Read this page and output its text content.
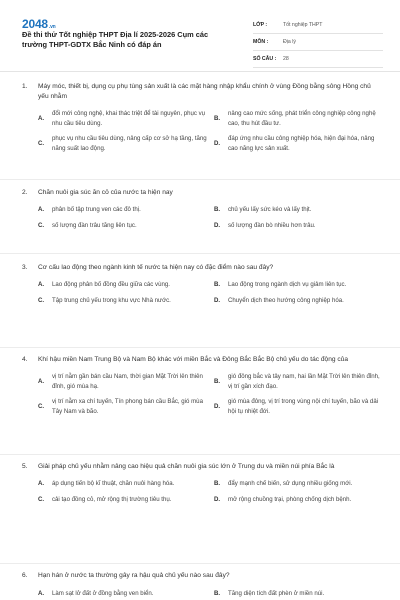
2048.vn
Đề thi thử Tốt nghiệp THPT Địa lí 2025-2026 Cụm các trường THPT-GDTX Bắc Ninh có đáp án
LỚP :	Tốt nghiệp THPT
MÔN :	Địa lý
SỐ CÂU :	28
1.	Máy móc, thiết bị, dụng cụ phụ tùng sản xuất là các mặt hàng nhập khẩu chính ở vùng Đồng bằng sông Hồng chủ yếu nhằm
A.
đổi mới công nghệ, khai thác triệt để tài nguyên, phục vụ nhu cầu tiêu dùng.
B.
nâng cao mức sống, phát triển công nghiệp công nghệ cao, thu hút đầu tư.
C.
phục vụ nhu cầu tiêu dùng, nâng cấp cơ sở hạ tầng, tăng năng suất lao động.
D.
đáp ứng nhu cầu công nghiệp hóa, hiện đại hóa, nâng cao năng lực sản xuất.
2.	Chăn nuôi gia súc ăn cỏ của nước ta hiện nay
A.	phân bố tập trung ven các đô thị.	B.	chủ yếu lấy sức kéo và lấy thịt.
C.	số lượng đàn trâu tăng liên tục.	D.	số lượng đàn bò nhiều hơn trâu.
3.	Cơ cấu lao động theo ngành kinh tế nước ta hiện nay có đặc điểm nào sau đây?
A.	Lao động phân bố đồng đều giữa các vùng.	B.	Lao động trong ngành dịch vụ giảm liên tục.
C.	Tập trung chủ yếu trong khu vực Nhà nước.	D.	Chuyển dịch theo hướng công nghiệp hóa.
4.	Khí hậu miền Nam Trung Bộ và Nam Bộ khác với miền Bắc và Đông Bắc Bắc Bộ chủ yếu do tác động của
A.
vị trí nằm gần bán cầu Nam, thời gian Mặt Trời lên thiên đỉnh, gió mùa hạ.
B.
gió đông bắc và tây nam, hai lần Mặt Trời lên thiên đỉnh, vị trí gần xích đạo.
C.
vị trí nằm xa chí tuyến, Tín phong bán cầu Bắc, gió mùa Tây Nam và bão.
D.
gió mùa đông, vị trí trong vùng nội chí tuyến, bão và dải hội tụ nhiệt đới.
5.	Giải pháp chủ yếu nhằm nâng cao hiệu quả chăn nuôi gia súc lớn ở Trung du và miền núi phía Bắc là
A.	áp dụng tiến bộ kĩ thuật, chăn nuôi hàng hóa.	B.	đẩy mạnh chế biến, sử dụng nhiều giống mới.
C.	cải tạo đồng cỏ, mở rộng thị trường tiêu thụ.	D.	mở rộng chuồng trại, phòng chống dịch bệnh.
6.	Hạn hán ở nước ta thường gây ra hậu quả chủ yếu nào sau đây?
A.	Làm sạt lở đất ở đồng bằng ven biển.	B.	Tăng diện tích đất phèn ở miền núi.
